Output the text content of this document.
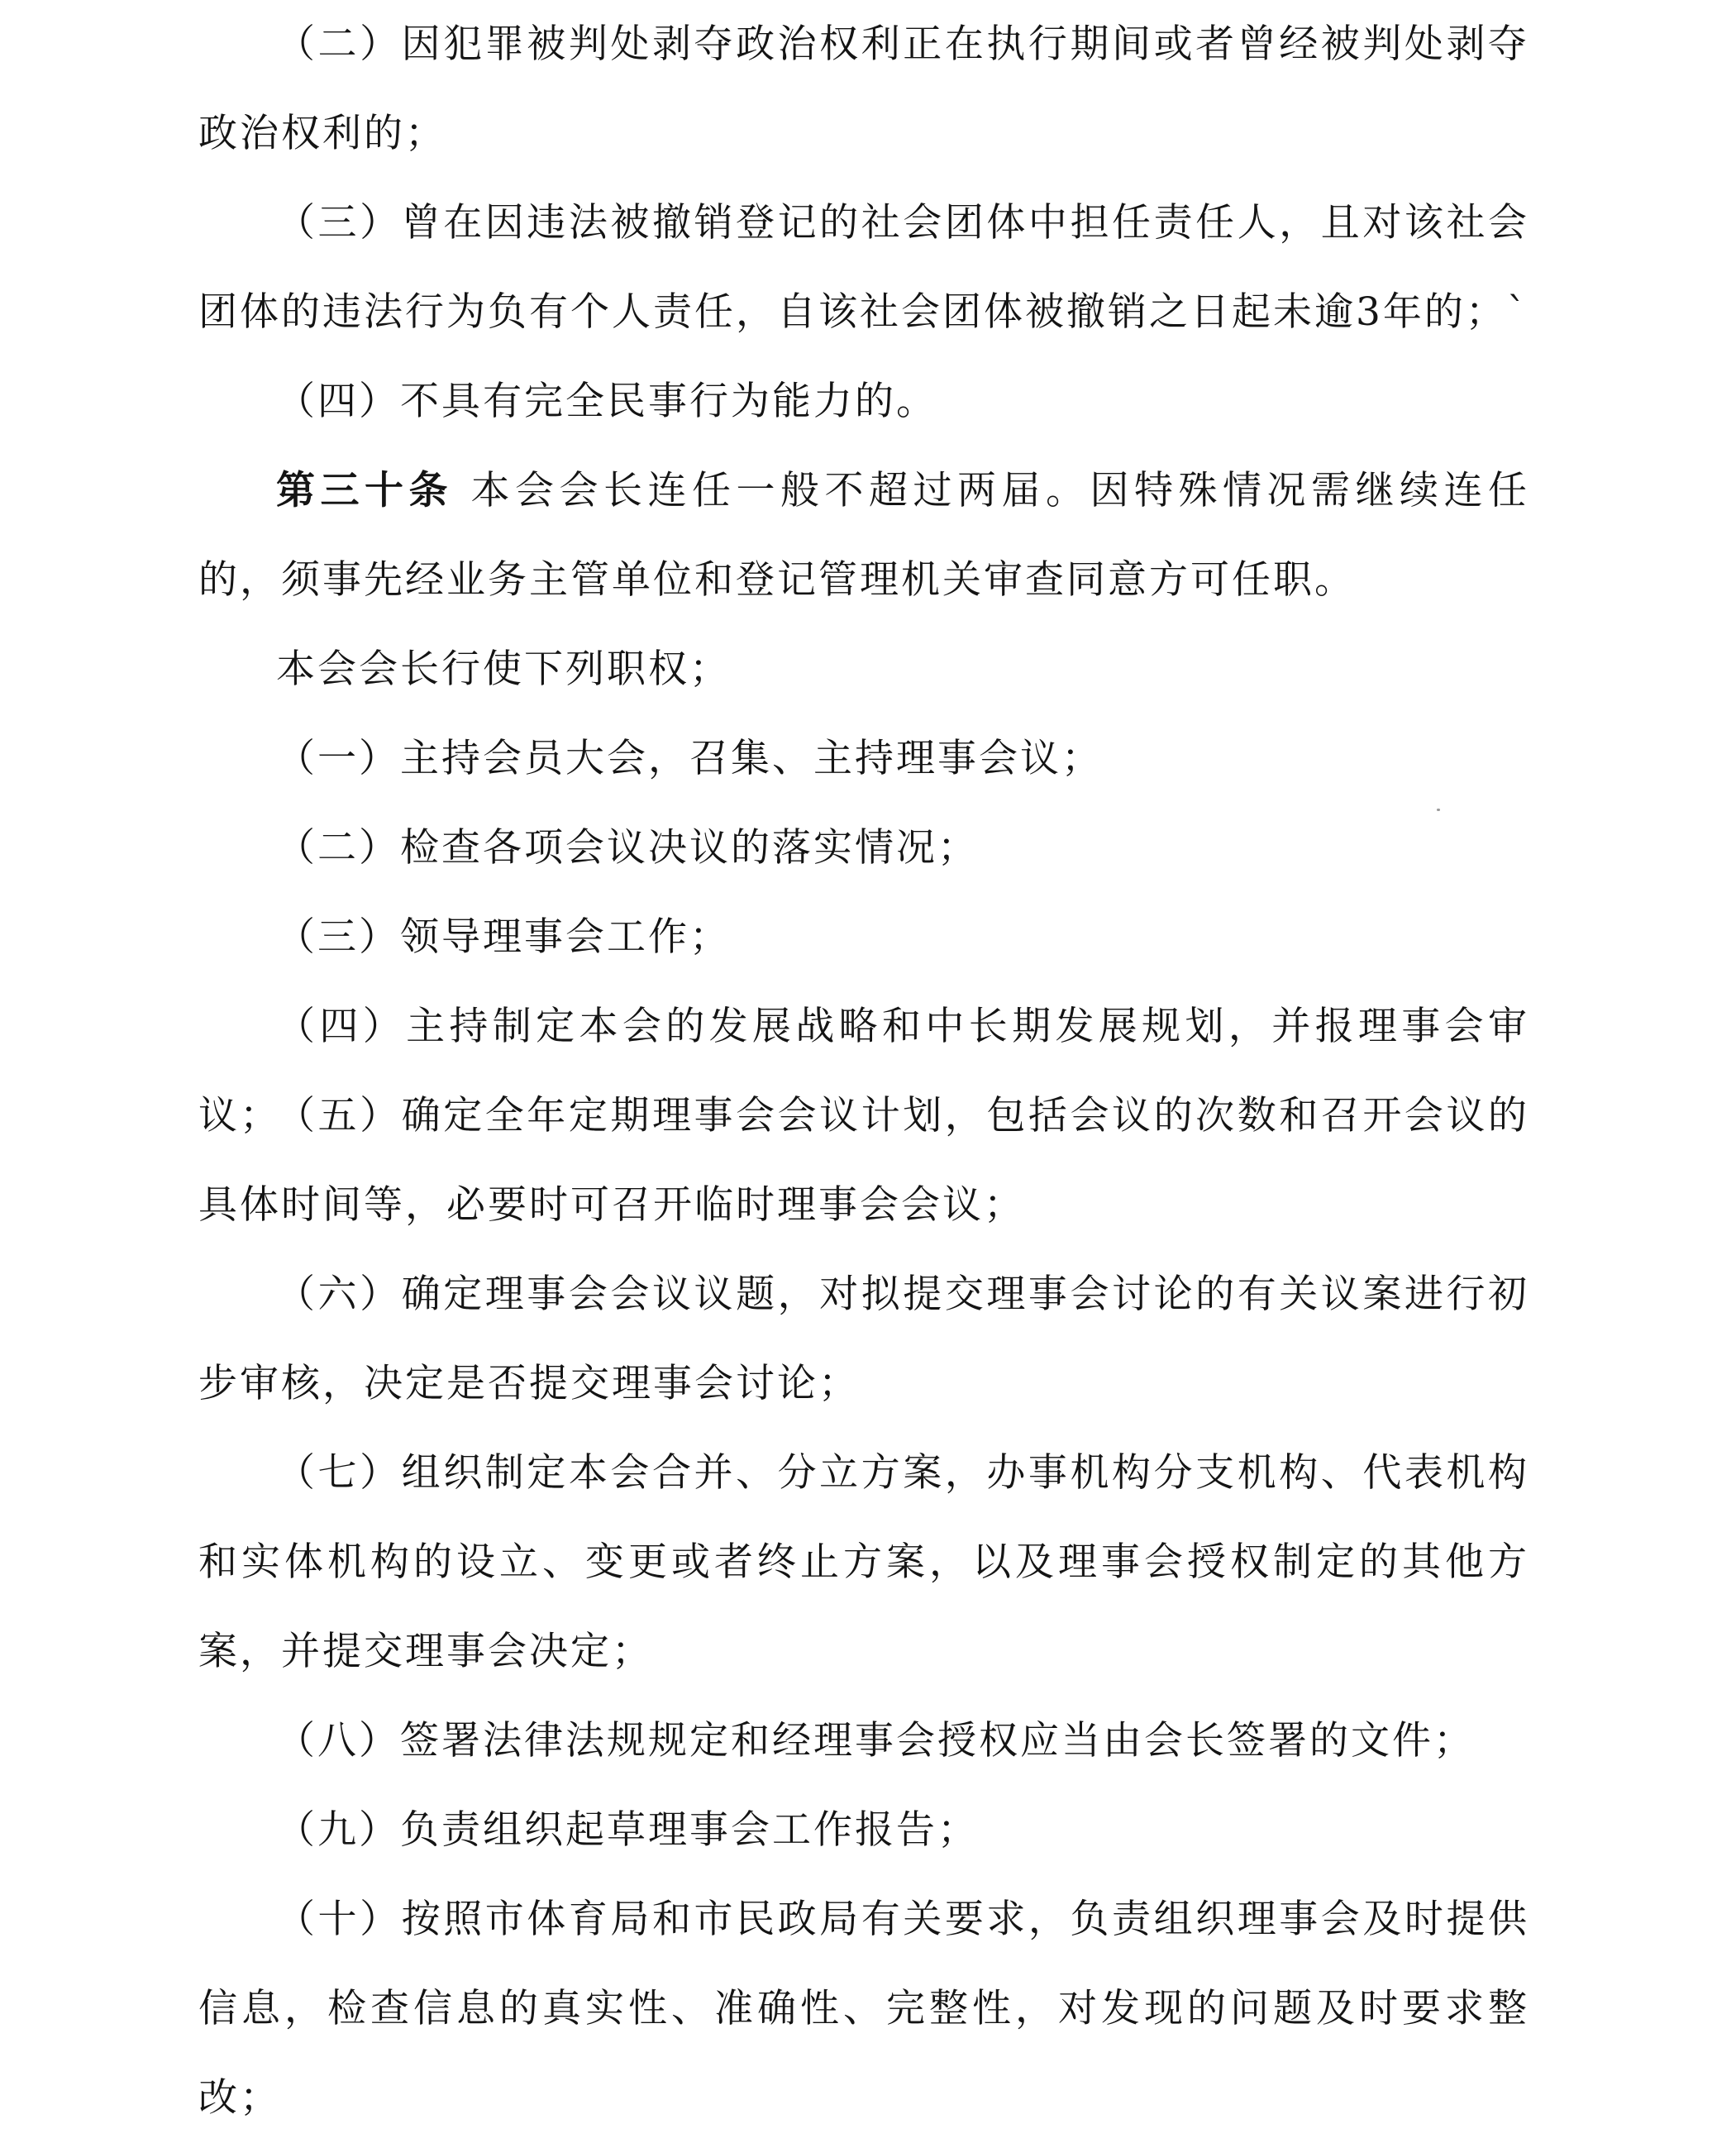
（二）因犯罪被判处剥夺政治权利正在执行期间或者曾经被判处剥夺政治权利的；
（三）曾在因违法被撤销登记的社会团体中担任责任人，且对该社会团体的违法行为负有个人责任，自该社会团体被撤销之日起未逾3年的；`
（四）不具有完全民事行为能力的。
第三十条 本会会长连任一般不超过两届。因特殊情况需继续连任的，须事先经业务主管单位和登记管理机关审查同意方可任职。
本会会长行使下列职权；
（一）主持会员大会，召集、主持理事会议；
（二）检查各项会议决议的落实情况；
（三）领导理事会工作；
（四）主持制定本会的发展战略和中长期发展规划，并报理事会审议；
（五）确定全年定期理事会会议计划，包括会议的次数和召开会议的具体时间等，必要时可召开临时理事会会议；
（六）确定理事会会议议题，对拟提交理事会讨论的有关议案进行初步审核，决定是否提交理事会讨论；
（七）组织制定本会合并、分立方案，办事机构分支机构、代表机构和实体机构的设立、变更或者终止方案，以及理事会授权制定的其他方案，并提交理事会决定；
（八）签署法律法规规定和经理事会授权应当由会长签署的文件；
（九）负责组织起草理事会工作报告；
（十）按照市体育局和市民政局有关要求，负责组织理事会及时提供信息，检查信息的真实性、准确性、完整性，对发现的问题及时要求整改；
